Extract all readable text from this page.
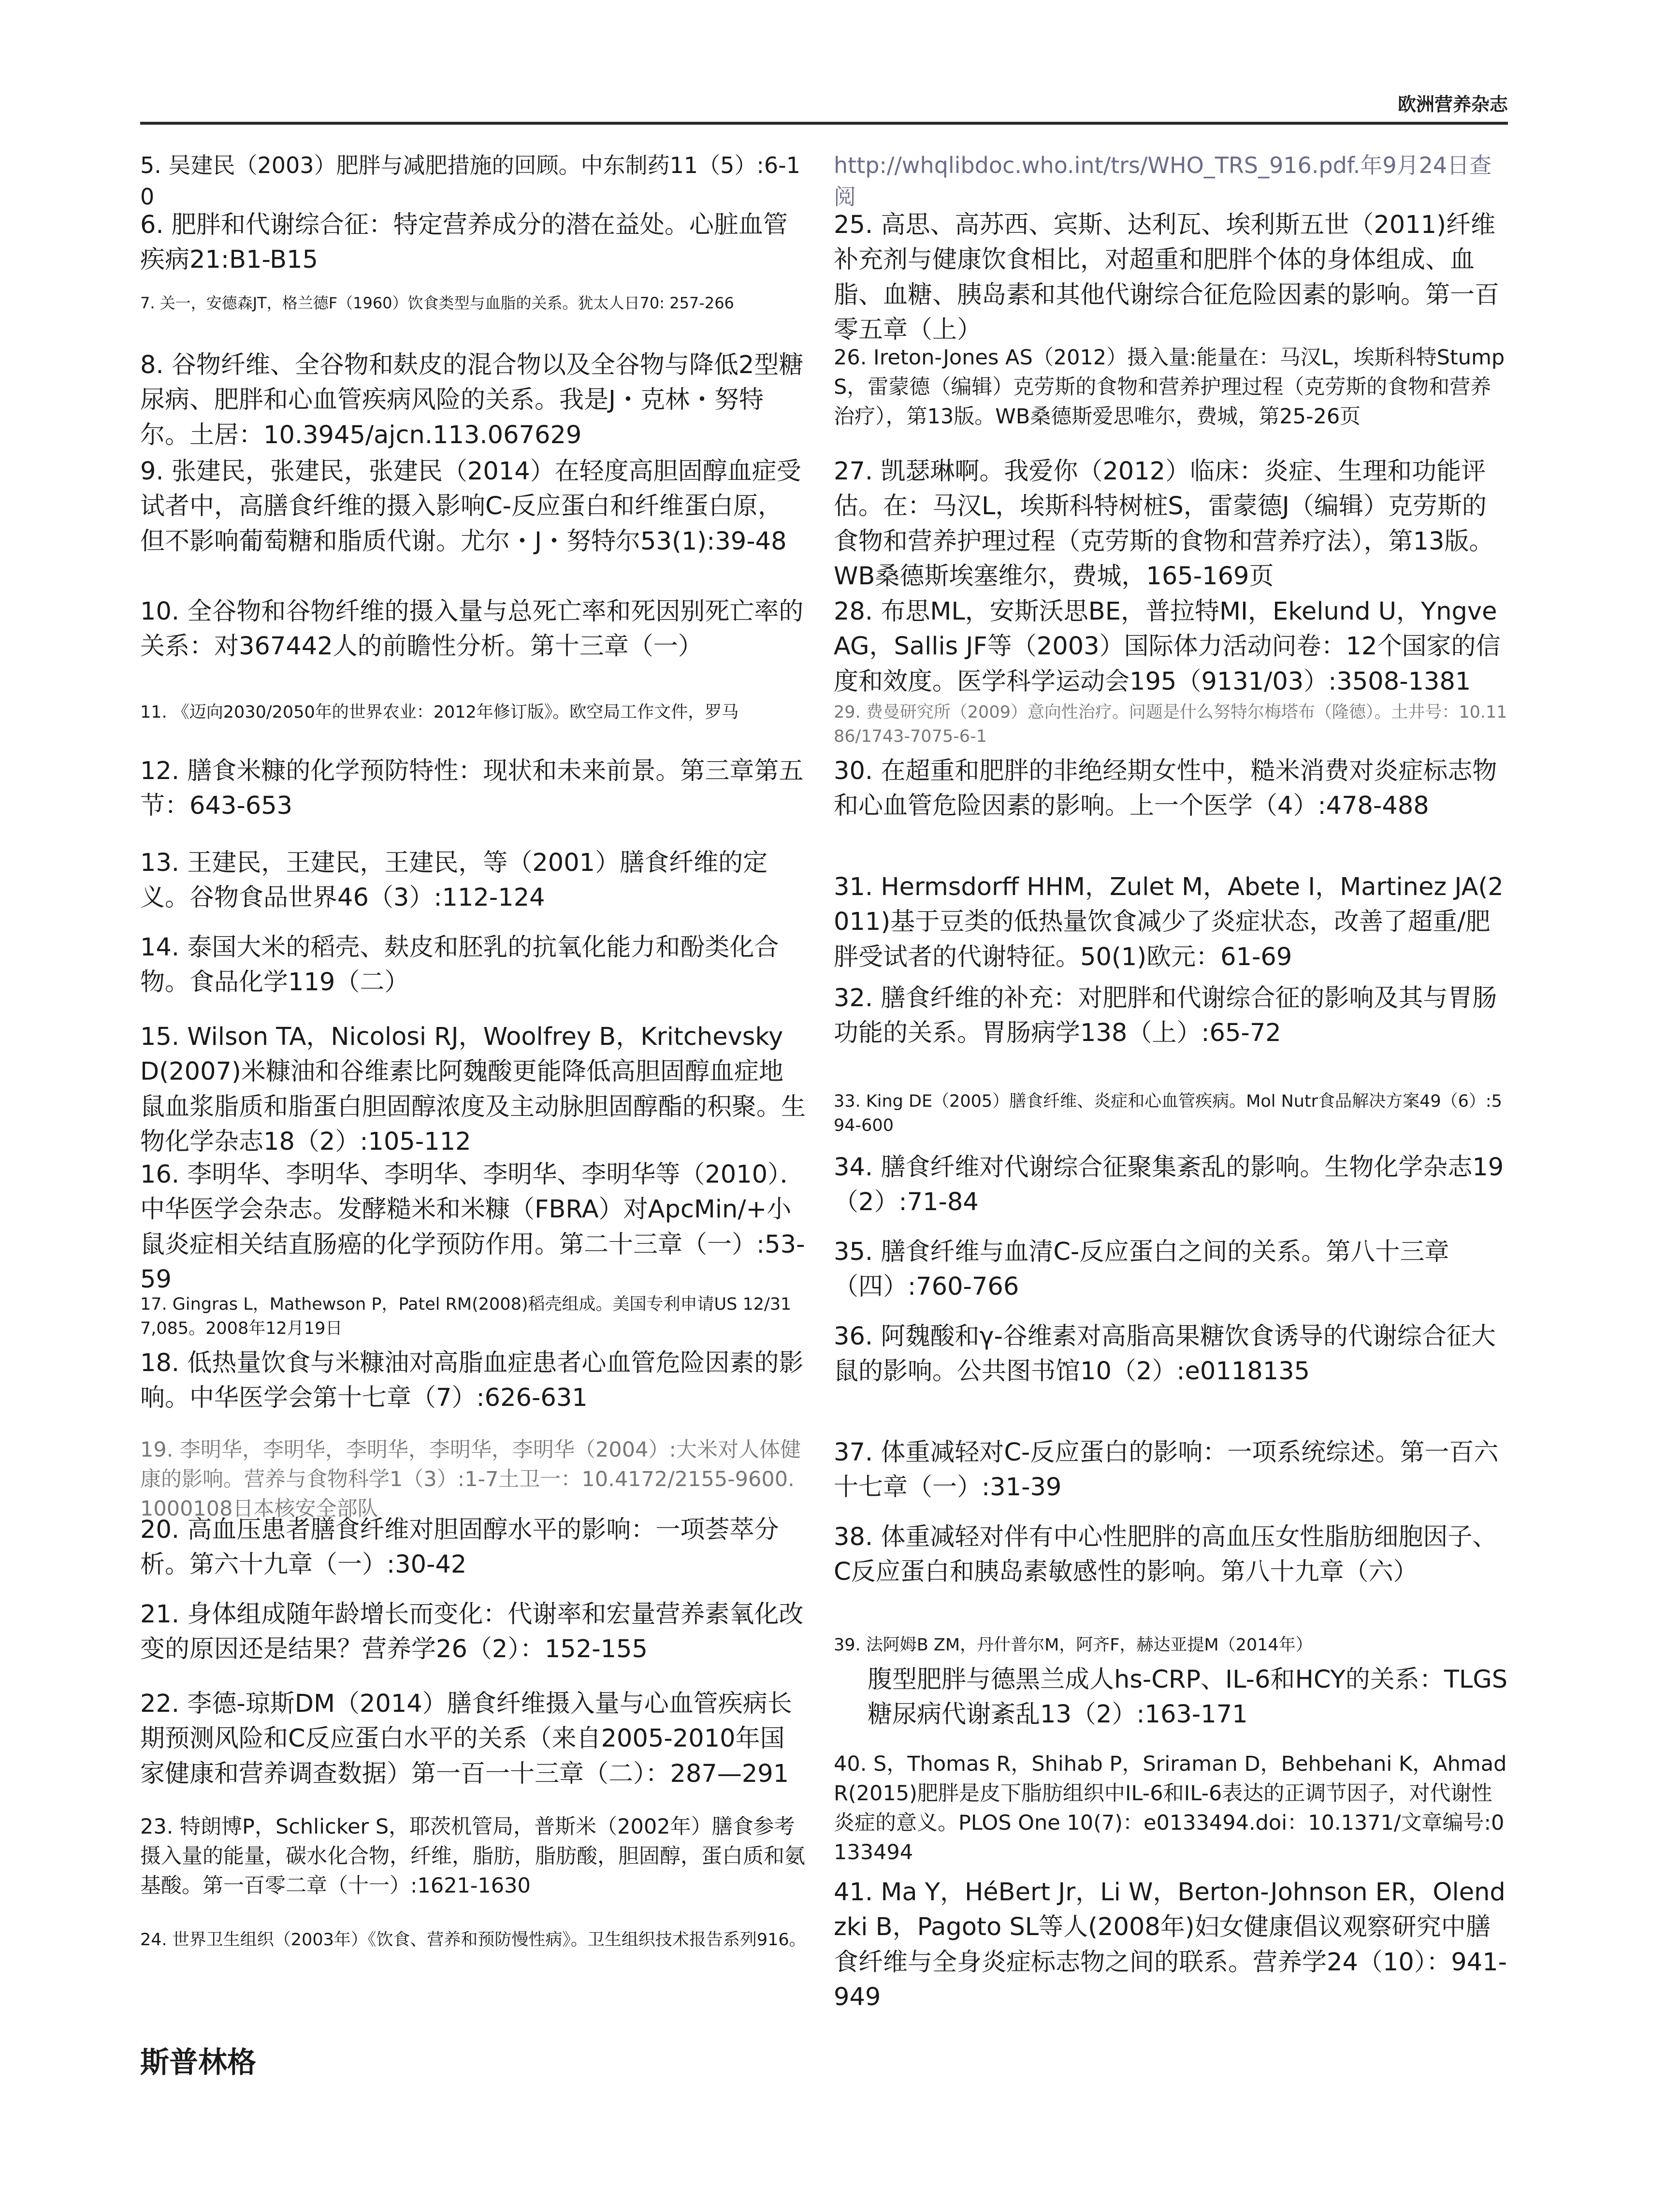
欧洲营养杂志

5. 吴建民（2003）肥胖与减肥措施的回顾。中东制药11（5）:6-10

6. 肥胖和代谢综合征：特定营养成分的潜在益处。心脏血管疾病21:B1-B15

7. 关一，安德森JT，格兰德F（1960）饮食类型与血脂的关系。犹太人日70: 257-266

8. 谷物纤维、全谷物和麸皮的混合物以及全谷物与降低2型糖尿病、肥胖和心血管疾病风险的关系。我是J・克林・努特尔。土居：10.3945/ajcn.113.067629

9. 张建民，张建民，张建民（2014）在轻度高胆固醇血症受试者中，高膳食纤维的摄入影响C-反应蛋白和纤维蛋白原，但不影响葡萄糖和脂质代谢。尤尔・J・努特尔53(1):39-48

10. 全谷物和谷物纤维的摄入量与总死亡率和死因别死亡率的关系：对367442人的前瞻性分析。第十三章（一）

11. 《迈向2030/2050年的世界农业：2012年修订版》。欧空局工作文件，罗马

12. 膳食米糠的化学预防特性：现状和未来前景。第三章第五节：643-653

13. 王建民，王建民，王建民，等（2001）膳食纤维的定义。谷物食品世界46（3）:112-124

14. 泰国大米的稻壳、麸皮和胚乳的抗氧化能力和酚类化合物。食品化学119（二）

15. Wilson TA，Nicolosi RJ，Woolfrey B，Kritchevsky D(2007)米糠油和谷维素比阿魏酸更能降低高胆固醇血症地鼠血浆脂质和脂蛋白胆固醇浓度及主动脉胆固醇酯的积聚。生物化学杂志18（2）:105-112

16. 李明华、李明华、李明华、李明华、李明华等（2010）．中华医学会杂志。发酵糙米和米糠（FBRA）对ApcMin/+小鼠炎症相关结直肠癌的化学预防作用。第二十三章（一）:53-59

17. Gingras L，Mathewson P，Patel RM(2008)稻壳组成。美国专利申请US 12/317,085。2008年12月19日

18. 低热量饮食与米糠油对高脂血症患者心血管危险因素的影响。中华医学会第十七章（7）:626-631

19. 李明华，李明华，李明华，李明华，李明华（2004）:大米对人体健康的影响。营养与食物科学1（3）:1-7土卫一：10.4172/2155-9600.1000108日本核安全部队

20. 高血压患者膳食纤维对胆固醇水平的影响：一项荟萃分析。第六十九章（一）:30-42

21. 身体组成随年龄增长而变化：代谢率和宏量营养素氧化改变的原因还是结果？营养学26（2）：152-155

22. 李德-琼斯DM（2014）膳食纤维摄入量与心血管疾病长期预测风险和C反应蛋白水平的关系（来自2005-2010年国家健康和营养调查数据）第一百一十三章（二）：287—291

23. 特朗博P，Schlicker S，耶茨机管局，普斯米（2002年）膳食参考摄入量的能量，碳水化合物，纤维，脂肪，脂肪酸，胆固醇，蛋白质和氨基酸。第一百零二章（十一）:1621-1630

24. 世界卫生组织（2003年）《饮食、营养和预防慢性病》。卫生组织技术报告系列916。

http://whqlibdoc.who.int/trs/WHO_TRS_916.pdf.年9月24日查阅

25. 高思、高苏西、宾斯、达利瓦、埃利斯五世（2011)纤维补充剂与健康饮食相比，对超重和肥胖个体的身体组成、血脂、血糖、胰岛素和其他代谢综合征危险因素的影响。第一百零五章（上）

26. Ireton-Jones AS（2012）摄入量:能量在：马汉L，埃斯科特Stump S，雷蒙德（编辑）克劳斯的食物和营养护理过程（克劳斯的食物和营养治疗），第13版。WB桑德斯爱思唯尔，费城，第25-26页

27. 凯瑟琳啊。我爱你（2012）临床：炎症、生理和功能评估。在：马汉L，埃斯科特树桩S，雷蒙德J（编辑）克劳斯的食物和营养护理过程（克劳斯的食物和营养疗法），第13版。WB桑德斯埃塞维尔，费城，165-169页

28. 布思ML，安斯沃思BE，普拉特MI，Ekelund U，Yngve AG，Sallis JF等（2003）国际体力活动问卷：12个国家的信度和效度。医学科学运动会195（9131/03）:3508-1381

29. 费曼研究所（2009）意向性治疗。问题是什么努特尔梅塔布（隆德）。土井号：10.1186/1743-7075-6-1

30. 在超重和肥胖的非绝经期女性中，糙米消费对炎症标志物和心血管危险因素的影响。上一个医学（4）:478-488

31. Hermsdorff HHM，Zulet M，Abete I，Martinez JA(2011)基于豆类的低热量饮食减少了炎症状态，改善了超重/肥胖受试者的代谢特征。50(1)欧元：61-69

32. 膳食纤维的补充：对肥胖和代谢综合征的影响及其与胃肠功能的关系。胃肠病学138（上）:65-72

33. King DE（2005）膳食纤维、炎症和心血管疾病。Mol Nutr食品解决方案49（6）:594-600

34. 膳食纤维对代谢综合征聚集紊乱的影响。生物化学杂志19（2）:71-84

35. 膳食纤维与血清C-反应蛋白之间的关系。第八十三章（四）:760-766

36. 阿魏酸和γ-谷维素对高脂高果糖饮食诱导的代谢综合征大鼠的影响。公共图书馆10（2）:e0118135

37. 体重减轻对C-反应蛋白的影响：一项系统综述。第一百六十七章（一）:31-39

38. 体重减轻对伴有中心性肥胖的高血压女性脂肪细胞因子、C反应蛋白和胰岛素敏感性的影响。第八十九章（六）

39. 法阿姆B ZM，丹什普尔M，阿齐F，赫达亚提M（2014年）

腹型肥胖与德黑兰成人hs-CRP、IL-6和HCY的关系：TLGS糖尿病代谢紊乱13（2）:163-171

40. S，Thomas R，Shihab P，Sriraman D，Behbehani K，Ahmad R(2015)肥胖是皮下脂肪组织中IL-6和IL-6表达的正调节因子，对代谢性炎症的意义。PLOS One 10(7)：e0133494.doi：10.1371/文章编号:0133494

41. Ma Y，HéBert Jr，Li W，Berton-Johnson ER，Olendzki B，Pagoto SL等人(2008年)妇女健康倡议观察研究中膳食纤维与全身炎症标志物之间的联系。营养学24（10）：941-949

斯普林格
